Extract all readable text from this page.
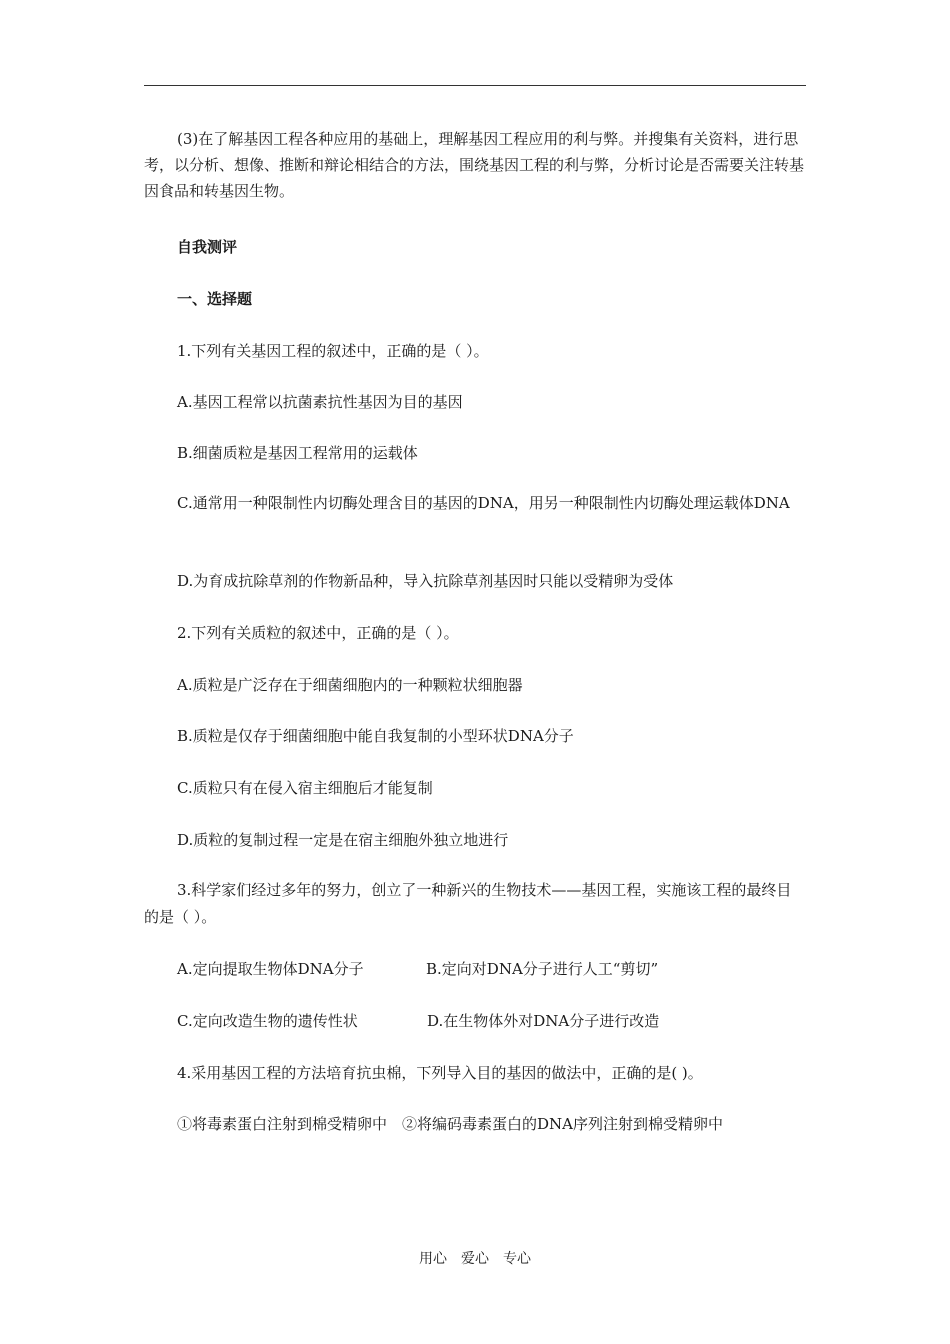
(3)在了解基因工程各种应用的基础上，理解基因工程应用的利与弊。并搜集有关资料，进行思考，以分析、想像、推断和辩论相结合的方法，围绕基因工程的利与弊，分析讨论是否需要关注转基因食品和转基因生物。

自我测评
一、选择题
1.下列有关基因工程的叙述中，正确的是（ ）。
A.基因工程常以抗菌素抗性基因为目的基因
B.细菌质粒是基因工程常用的运载体

C.通常用一种限制性内切酶处理含目的基因的DNA，用另一种限制性内切酶处理运载体DNA

D.为育成抗除草剂的作物新品种，导入抗除草剂基因时只能以受精卵为受体
2.下列有关质粒的叙述中，正确的是（ ）。
A.质粒是广泛存在于细菌细胞内的一种颗粒状细胞器
B.质粒是仅存于细菌细胞中能自我复制的小型环状DNA分子
C.质粒只有在侵入宿主细胞后才能复制
D.质粒的复制过程一定是在宿主细胞外独立地进行

3.科学家们经过多年的努力，创立了一种新兴的生物技术——基因工程，实施该工程的最终目的是（ ）。

A.定向提取生物体DNA分子	B.定向对DNA分子进行人工“剪切”
C.定向改造生物的遗传性状	D.在生物体外对DNA分子进行改造
4.采用基因工程的方法培育抗虫棉，下列导入目的基因的做法中，正确的是( )。
①将毒素蛋白注射到棉受精卵中　②将编码毒素蛋白的DNA序列注射到棉受精卵中
用心　爱心　专心
